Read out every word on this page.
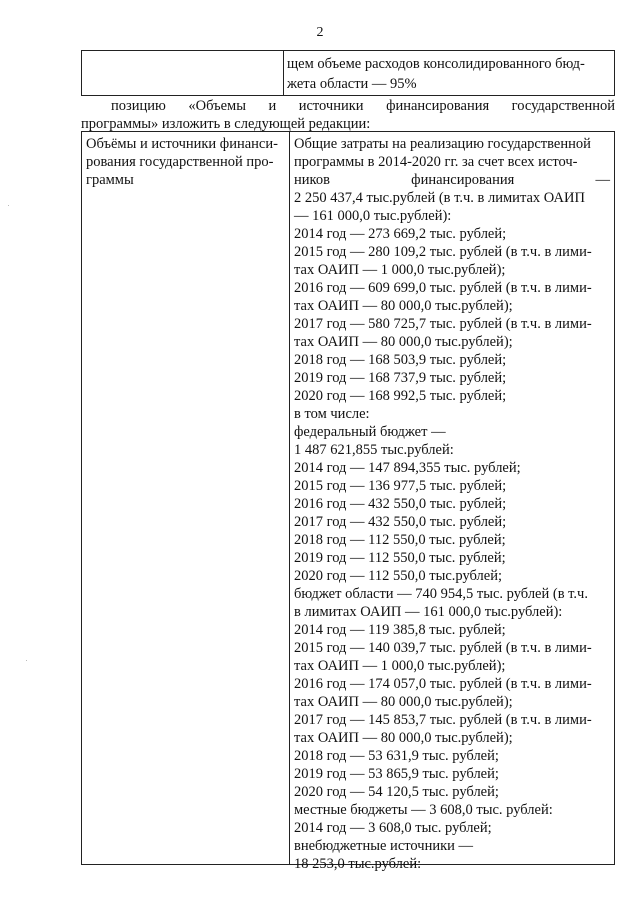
2
щем объеме расходов консолидированного бюд-
жета области — 95%
позицию «Объемы и источники финансирования государственной
программы» изложить в следующей редакции:
Объёмы и источники финанси-
рования государственной про-
граммы
Общие затраты на реализацию государственной
программы в 2014-2020 гг. за счет всех источ-
ников	финансирования	—
2 250 437,4 тыс.рублей (в т.ч. в лимитах ОАИП
— 161 000,0 тыс.рублей):
2014 год — 273 669,2 тыс. рублей;
2015 год — 280 109,2 тыс. рублей (в т.ч. в лими-
тах ОАИП — 1 000,0 тыс.рублей);
2016 год — 609 699,0 тыс. рублей (в т.ч. в лими-
тах ОАИП — 80 000,0 тыс.рублей);
2017 год — 580 725,7 тыс. рублей (в т.ч. в лими-
тах ОАИП — 80 000,0 тыс.рублей);
2018 год — 168 503,9 тыс. рублей;
2019 год — 168 737,9 тыс. рублей;
2020 год — 168 992,5 тыс. рублей;
в том числе:
федеральный бюджет —
1 487 621,855 тыс.рублей:
2014 год — 147 894,355 тыс. рублей;
2015 год — 136 977,5 тыс. рублей;
2016 год — 432 550,0 тыс. рублей;
2017 год — 432 550,0 тыс. рублей;
2018 год — 112 550,0 тыс. рублей;
2019 год — 112 550,0 тыс. рублей;
2020 год — 112 550,0 тыс.рублей;
бюджет области — 740 954,5 тыс. рублей (в т.ч.
в лимитах ОАИП — 161 000,0 тыс.рублей):
2014 год — 119 385,8 тыс. рублей;
2015 год — 140 039,7 тыс. рублей (в т.ч. в лими-
тах ОАИП — 1 000,0 тыс.рублей);
2016 год — 174 057,0 тыс. рублей (в т.ч. в лими-
тах ОАИП — 80 000,0 тыс.рублей);
2017 год — 145 853,7 тыс. рублей (в т.ч. в лими-
тах ОАИП — 80 000,0 тыс.рублей);
2018 год — 53 631,9 тыс. рублей;
2019 год — 53 865,9 тыс. рублей;
2020 год — 54 120,5 тыс. рублей;
местные бюджеты — 3 608,0 тыс. рублей:
2014 год — 3 608,0 тыс. рублей;
внебюджетные источники —
18 253,0 тыс.рублей:
